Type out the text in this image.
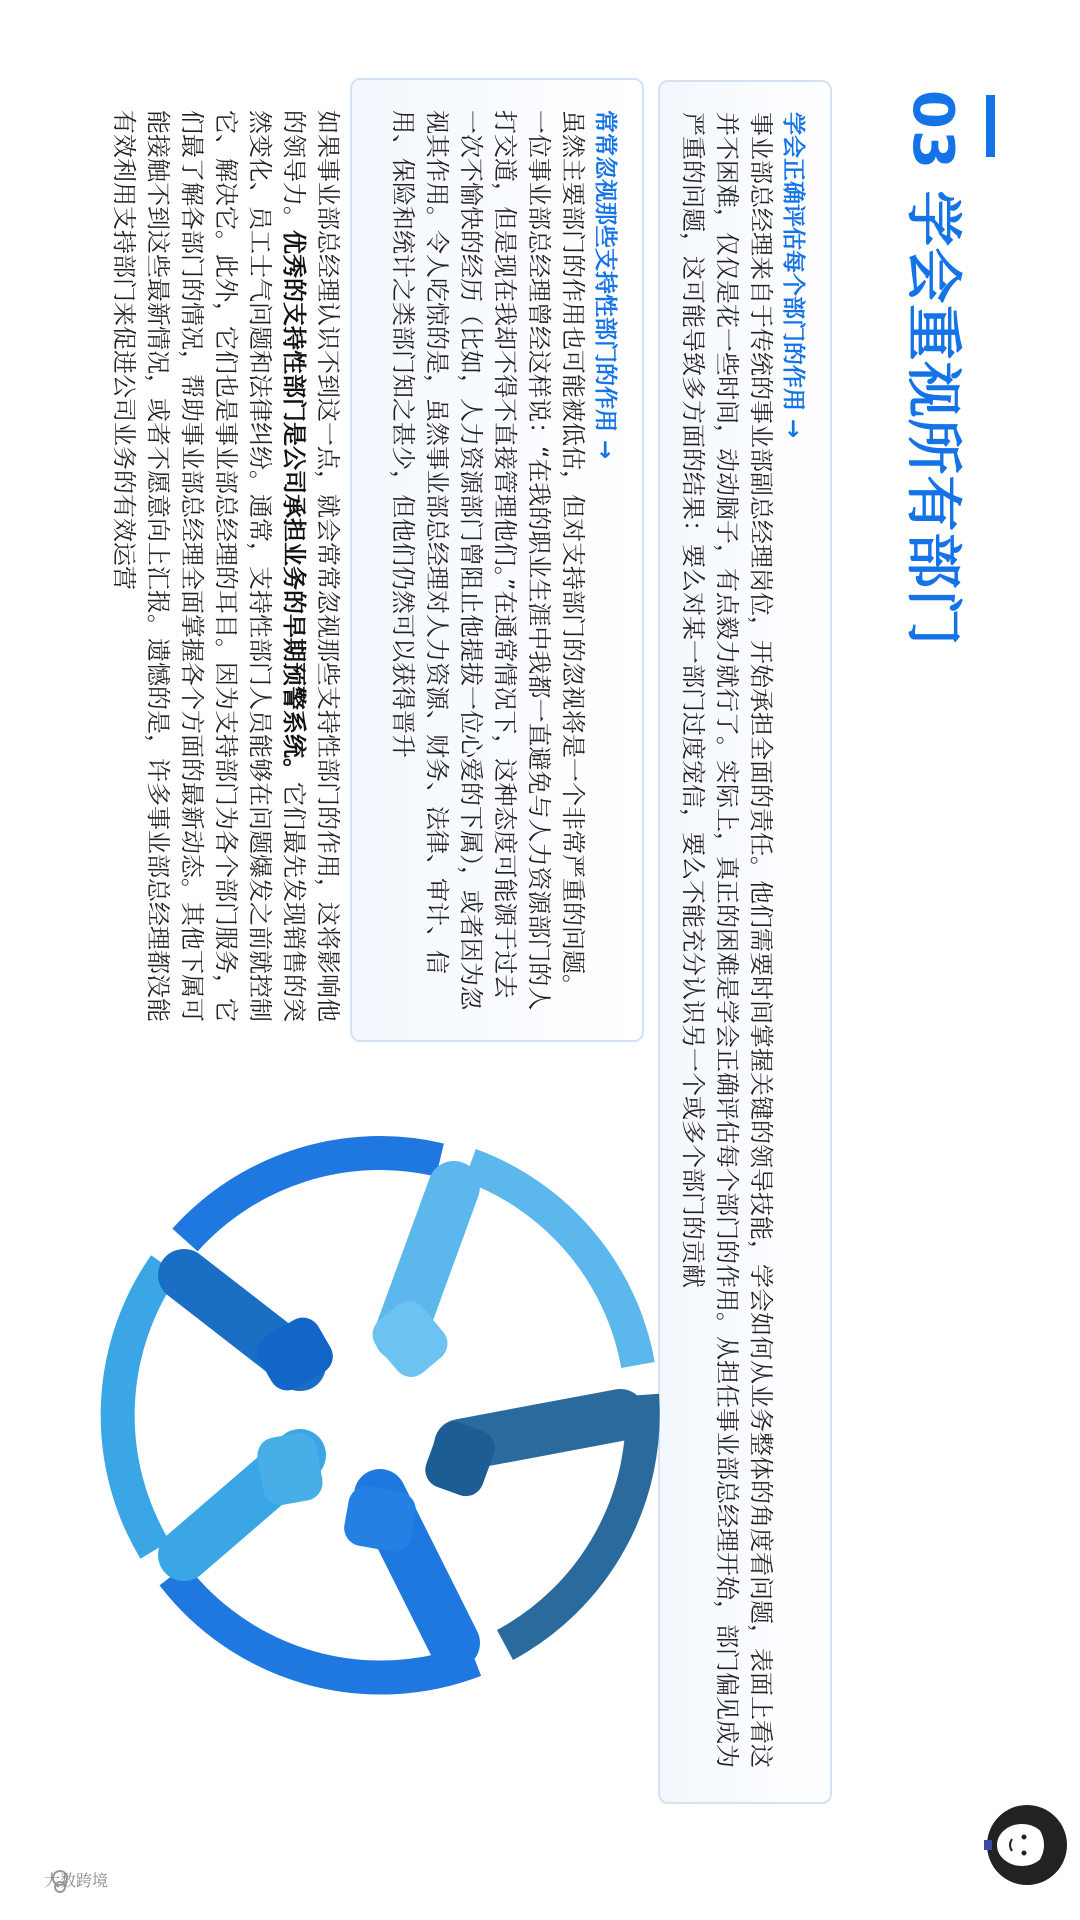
03 学会重视所有部门
学会正确评估每个部门的作用 →
事业部总经理来自于传统的事业部副总经理岗位，开始承担全面的责任。他们需要时间掌握关键的领导技能，学会如何从业务整体的角度看问题，表面上看这并不困难，仅仅是花一些时间，动动脑子，有点毅力就行了。实际上，真正的困难是学会正确评估每个部门的作用。从担任事业部总经理开始，部门偏见成为严重的问题，这可能导致多方面的结果：要么对某一部门过度宠信，要么不能充分认识另一个或多个部门的贡献
常常忽视那些支持性部门的作用 →
虽然主要部门的作用也可能被低估，但对支持部门的忽视将是一个非常严重的问题。一位事业部总经理曾经这样说：“在我的职业生涯中我都一直避免与人力资源部门的人打交道，但是现在我却不得不直接管理他们。”在通常情况下，这种态度可能源于过去一次不愉快的经历（比如，人力资源部门曾阻止他提拔一位心爱的下属），或者因为忽视其作用。令人吃惊的是，虽然事业部总经理对人力资源、财务、法律、审计、信用、保险和统计之类部门知之甚少，但他们仍然可以获得晋升
如果事业部总经理认识不到这一点，就会常常忽视那些支持性部门的作用，这将影响他的领导力。优秀的支持性部门是公司承担业务的早期预警系统。它们最先发现销售的突然变化、员工士气问题和法律纠纷。通常，支持性部门人员能够在问题爆发之前就控制它、解决它。此外，它们也是事业部总经理的耳目。因为支持部门为各个部门服务，它们最了解各部门的情况，帮助事业部总经理全面掌握各个方面的最新动态。其他下属可能接触不到这些最新情况，或者不愿意向上汇报。遗憾的是，许多事业部总经理都没能有效利用支持部门来促进公司业务的有效运营
大数跨境
